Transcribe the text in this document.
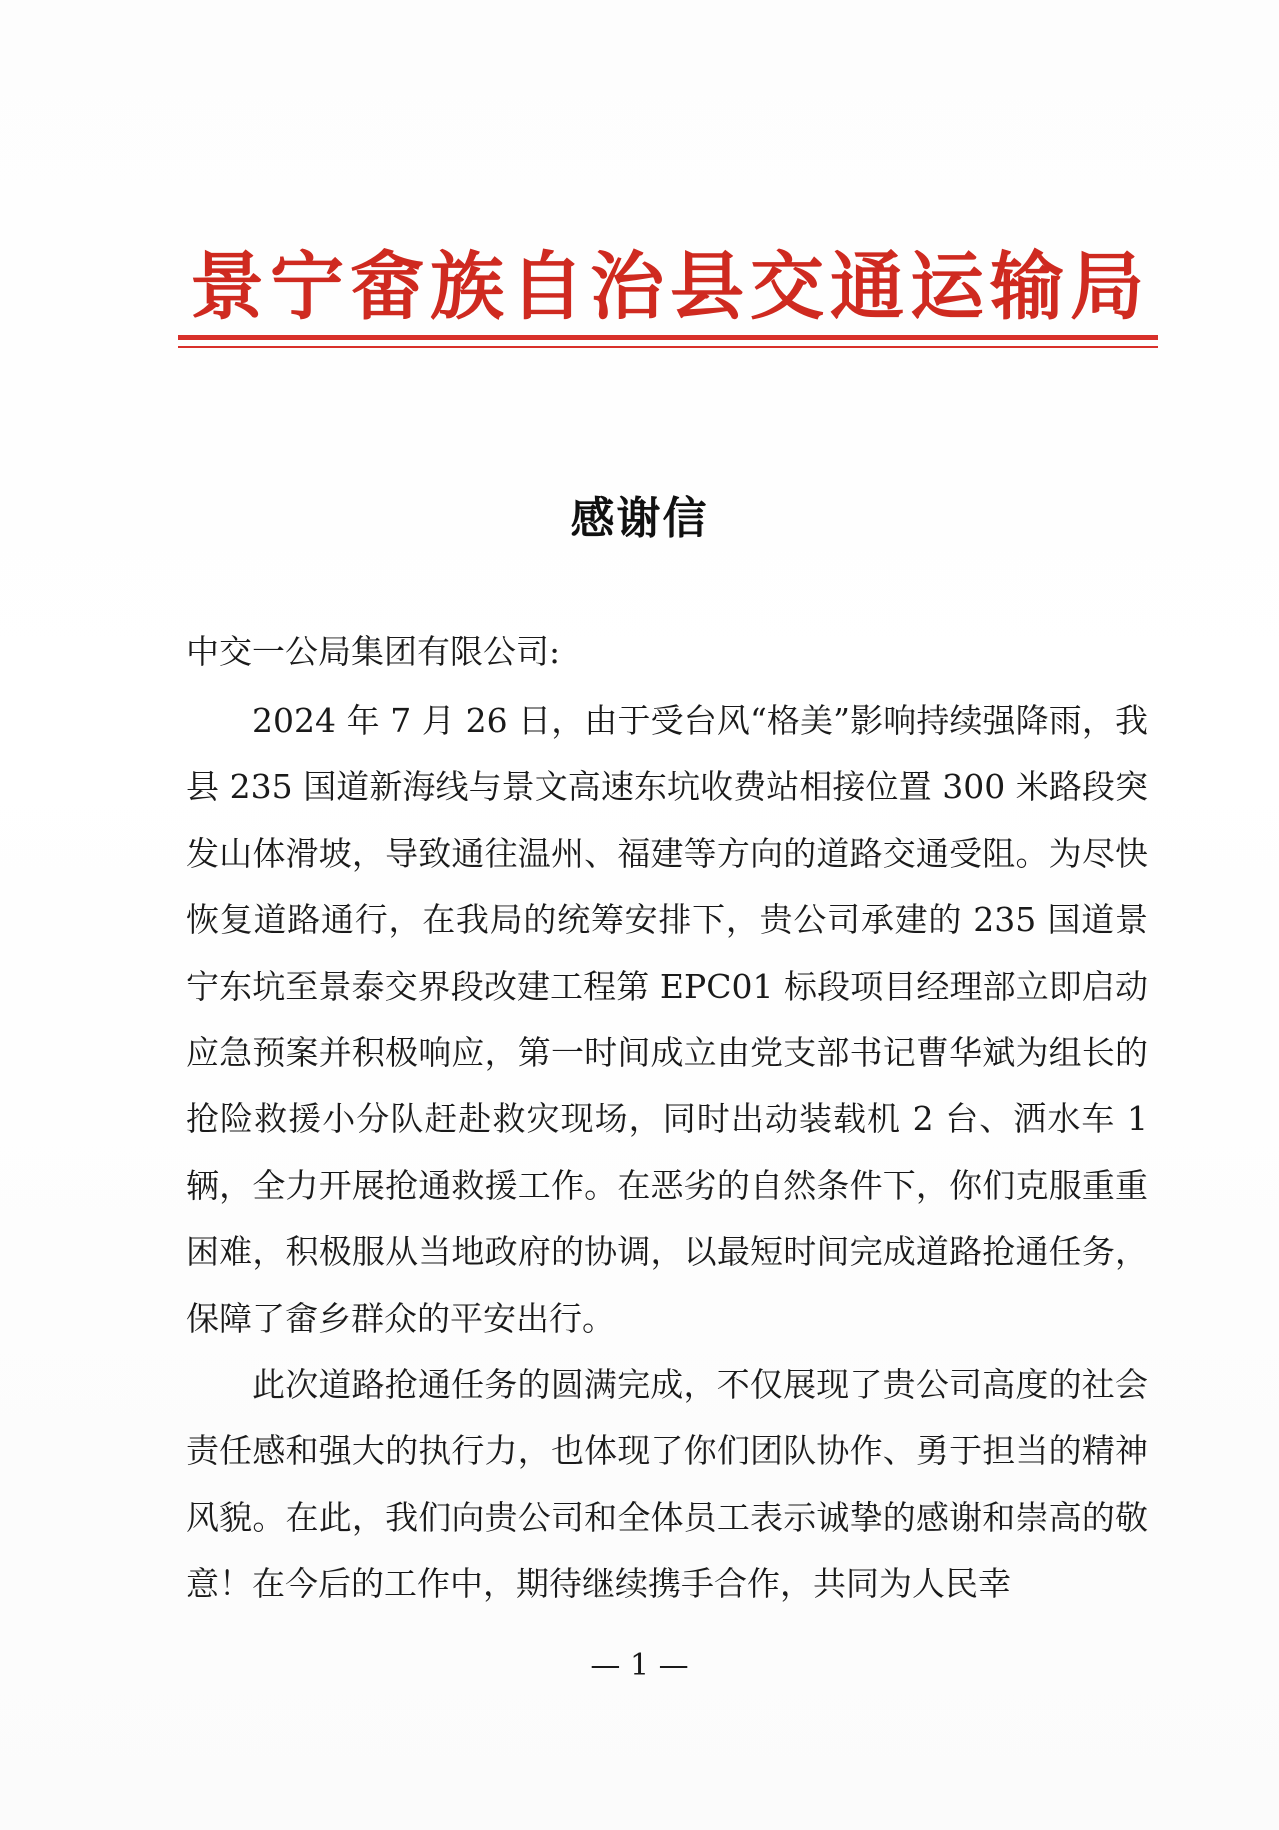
景宁畲族自治县交通运输局
感谢信
中交一公局集团有限公司:

2024 年 7 月 26 日，由于受台风“格美”影响持续强降雨，我县 235 国道新海线与景文高速东坑收费站相接位置 300 米路段突发山体滑坡，导致通往温州、福建等方向的道路交通受阻。为尽快恢复道路通行，在我局的统筹安排下，贵公司承建的 235 国道景宁东坑至景泰交界段改建工程第 EPC01 标段项目经理部立即启动应急预案并积极响应，第一时间成立由党支部书记曹华斌为组长的抢险救援小分队赶赴救灾现场，同时出动装载机 2 台、洒水车 1 辆，全力开展抢通救援工作。在恶劣的自然条件下，你们克服重重困难，积极服从当地政府的协调，以最短时间完成道路抢通任务，保障了畲乡群众的平安出行。

此次道路抢通任务的圆满完成，不仅展现了贵公司高度的社会责任感和强大的执行力，也体现了你们团队协作、勇于担当的精神风貌。在此，我们向贵公司和全体员工表示诚挚的感谢和崇高的敬意！在今后的工作中，期待继续携手合作，共同为人民幸

— 1 —
